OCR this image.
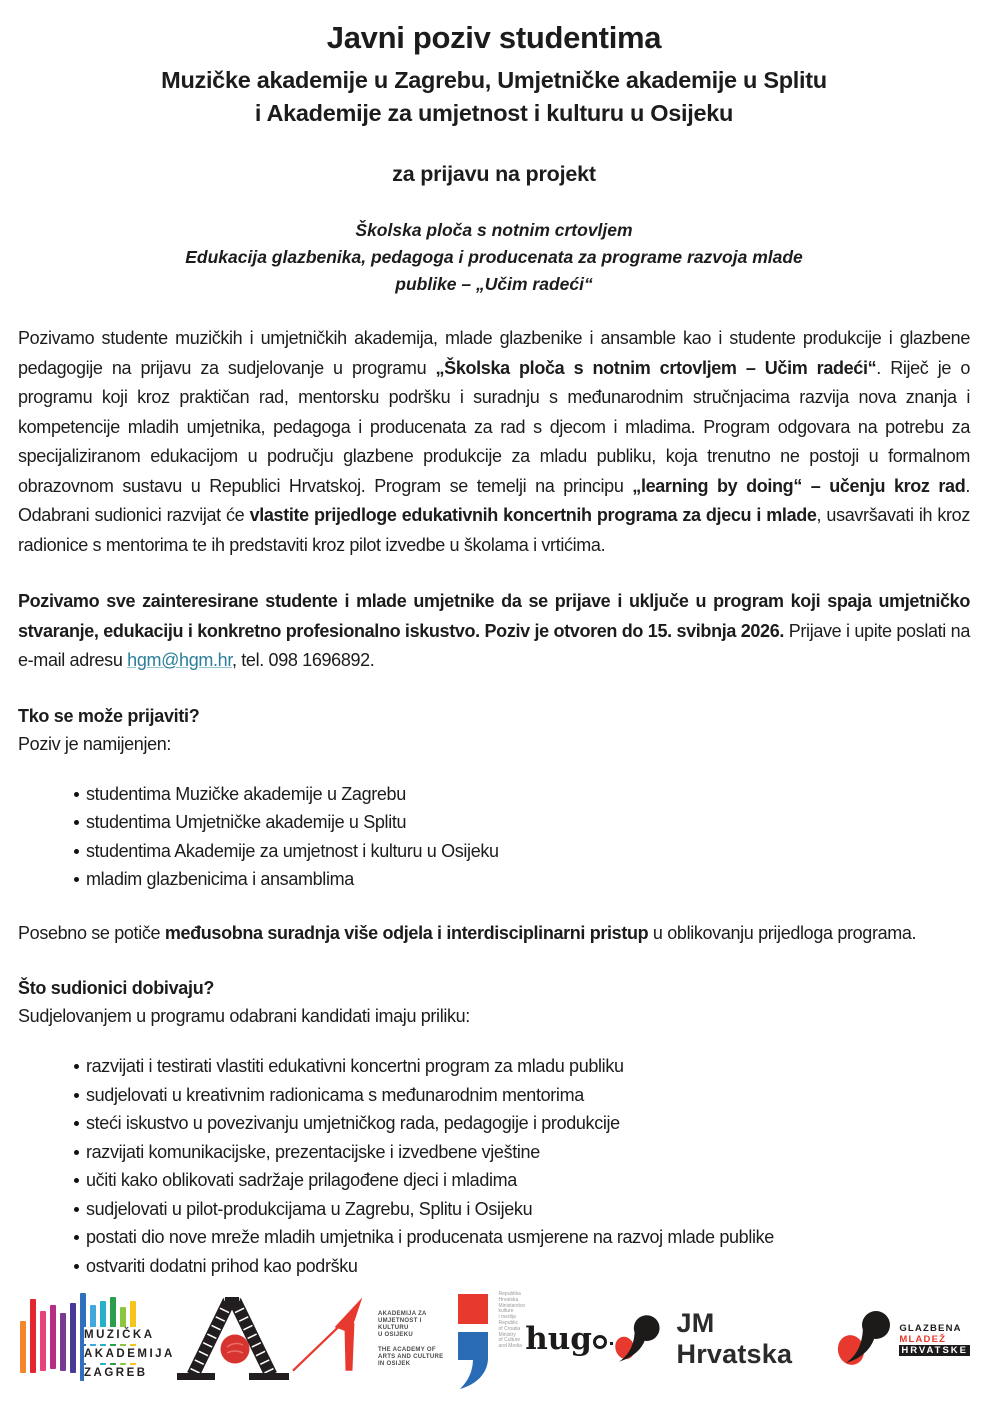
Javni poziv studentima
Muzičke akademije u Zagrebu, Umjetničke akademije u Splitu
i Akademije za umjetnost i kulturu u Osijeku
za prijavu na projekt
Školska ploča s notnim crtovljem
Edukacija glazbenika, pedagoga i producenata za programe razvoja mlade
publike – „Učim radeći“

Pozivamo studente muzičkih i umjetničkih akademija, mlade glazbenike i ansamble kao i studente produkcije i glazbene pedagogije na prijavu za sudjelovanje u programu „Školska ploča s notnim crtovljem – Učim radeći“. Riječ je o programu koji kroz praktičan rad, mentorsku podršku i suradnju s međunarodnim stručnjacima razvija nova znanja i kompetencije mladih umjetnika, pedagoga i producenata za rad s djecom i mladima. Program odgovara na potrebu za specijaliziranom edukacijom u području glazbene produkcije za mladu publiku, koja trenutno ne postoji u formalnom obrazovnom sustavu u Republici Hrvatskoj. Program se temelji na principu „learning by doing“ – učenju kroz rad. Odabrani sudionici razvijat će vlastite prijedloge edukativnih koncertnih programa za djecu i mlade, usavršavati ih kroz radionice s mentorima te ih predstaviti kroz pilot izvedbe u školama i vrtićima.

Pozivamo sve zainteresirane studente i mlade umjetnike da se prijave i uključe u program koji spaja umjetničko stvaranje, edukaciju i konkretno profesionalno iskustvo. Poziv je otvoren do 15. svibnja 2026. Prijave i upite poslati na e-mail adresu hgm@hgm.hr, tel. 098 1696892.

Tko se može prijaviti?

Poziv je namijenjen:

studentima Muzičke akademije u Zagrebu
studentima Umjetničke akademije u Splitu
studentima Akademije za umjetnost i kulturu u Osijeku
mladim glazbenicima i ansamblima

Posebno se potiče međusobna suradnja više odjela i interdisciplinarni pristup u oblikovanju prijedloga programa.

Što sudionici dobivaju?

Sudjelovanjem u programu odabrani kandidati imaju priliku:

razvijati i testirati vlastiti edukativni koncertni program za mladu publiku
sudjelovati u kreativnim radionicama s međunarodnim mentorima
steći iskustvo u povezivanju umjetničkog rada, pedagogije i produkcije
razvijati komunikacijske, prezentacijske i izvedbene vještine
učiti kako oblikovati sadržaje prilagođene djeci i mladima
sudjelovati u pilot-produkcijama u Zagrebu, Splitu i Osijeku
postati dio nove mreže mladih umjetnika i producenata usmjerene na razvoj mlade publike
ostvariti dodatni prihod kao podršku
MUZIČKA
AKADEMIJA
ZAGREB
AKADEMIJA ZA
UMJETNOST I KULTURU
U OSIJEKU
THE ACADEMY OF
ARTS AND CULTURE
IN OSIJEK
Republika
Hrvatska
Ministarstvo
kulture
i medija
Republic
of Croatia
Ministry
of Culture
and Media hug	JM Hrvatska
GLAZBENA
MLADEŽ
HRVATSKE
